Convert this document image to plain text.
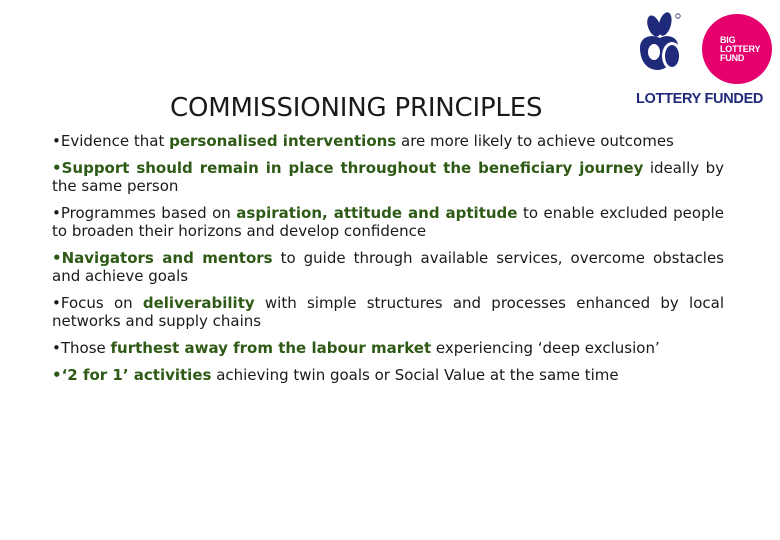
BIG
LOTTERY
FUND
LOTTERY FUNDED
COMMISSIONING PRINCIPLES
•Evidence that personalised interventions are more likely to achieve outcomes
•Support should remain in place throughout the beneficiary journey ideally by the same person
•Programmes based on aspiration, attitude and aptitude to enable excluded people to broaden their horizons and develop confidence
•Navigators and mentors to guide through available services, overcome obstacles and achieve goals
•Focus on deliverability with simple structures and processes enhanced by local networks and supply chains
•Those furthest away from the labour market experiencing ‘deep exclusion’
•‘2 for 1’ activities achieving twin goals or Social Value at the same time
